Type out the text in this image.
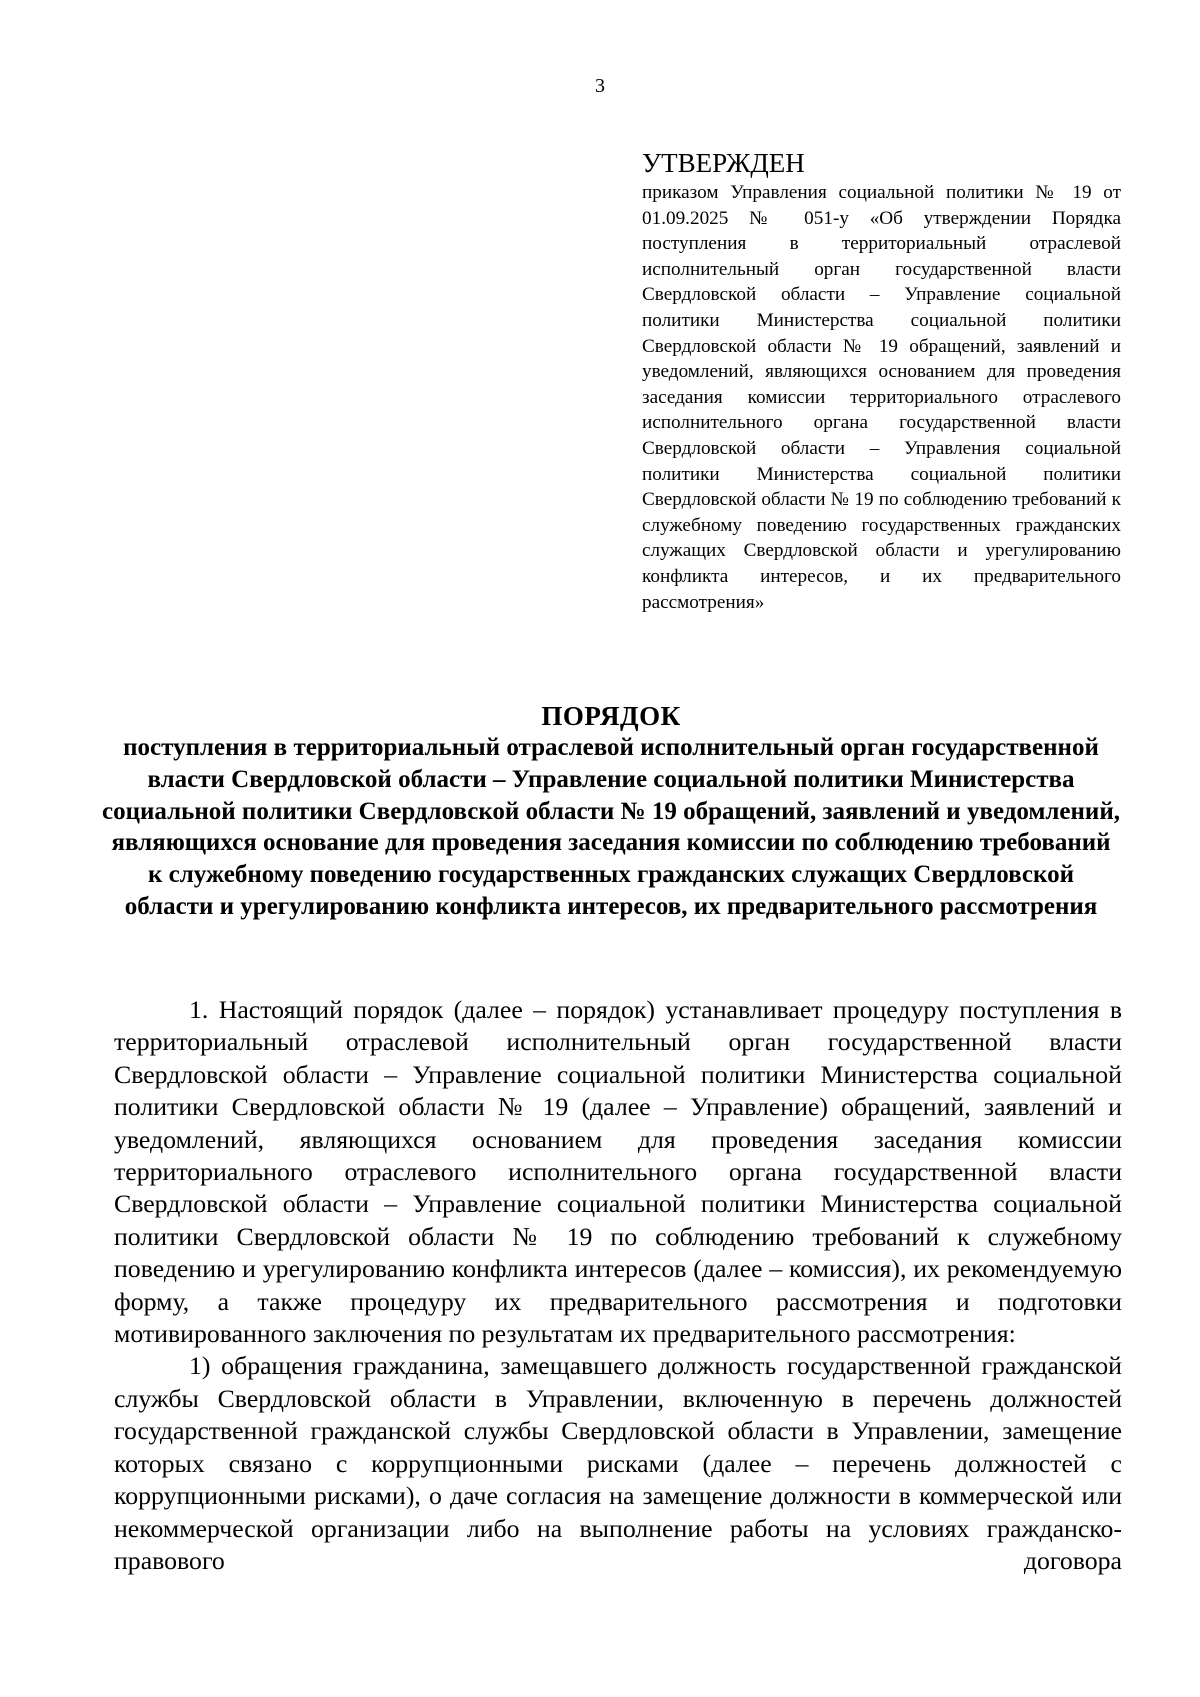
3
УТВЕРЖДЕН

приказом Управления социальной политики № 19 от 01.09.2025 № 051-у «Об утверждении Порядка поступления в территориальный отраслевой исполнительный орган государственной власти Свердловской области – Управление социальной политики Министерства социальной политики Свердловской области № 19 обращений, заявлений и уведомлений, являющихся основанием для проведения заседания комиссии территориального отраслевого исполнительного органа государственной власти Свердловской области – Управления социальной политики Министерства социальной политики Свердловской области № 19 по соблюдению требований к служебному поведению государственных гражданских служащих Свердловской области и урегулированию конфликта интересов, и их предварительного рассмотрения»

ПОРЯДОК

поступления в территориальный отраслевой исполнительный орган государственной власти Свердловской области – Управление социальной политики Министерства социальной политики Свердловской области № 19 обращений, заявлений и уведомлений, являющихся основание для проведения заседания комиссии по соблюдению требований к служебному поведению государственных гражданских служащих Свердловской области и урегулированию конфликта интересов, их предварительного рассмотрения

1. Настоящий порядок (далее – порядок) устанавливает процедуру поступления в территориальный отраслевой исполнительный орган государственной власти Свердловской области – Управление социальной политики Министерства социальной политики Свердловской области № 19 (далее – Управление) обращений, заявлений и уведомлений, являющихся основанием для проведения заседания комиссии территориального отраслевого исполнительного органа государственной власти Свердловской области – Управление социальной политики Министерства социальной политики Свердловской области № 19 по соблюдению требований к служебному поведению и урегулированию конфликта интересов (далее – комиссия), их рекомендуемую форму, а также процедуру их предварительного рассмотрения и подготовки мотивированного заключения по результатам их предварительного рассмотрения:

1) обращения гражданина, замещавшего должность государственной гражданской службы Свердловской области в Управлении, включенную в перечень должностей государственной гражданской службы Свердловской области в Управлении, замещение которых связано с коррупционными рисками (далее – перечень должностей с коррупционными рисками), о даче согласия на замещение должности в коммерческой или некоммерческой организации либо на выполнение работы на условиях гражданско-правового договора
